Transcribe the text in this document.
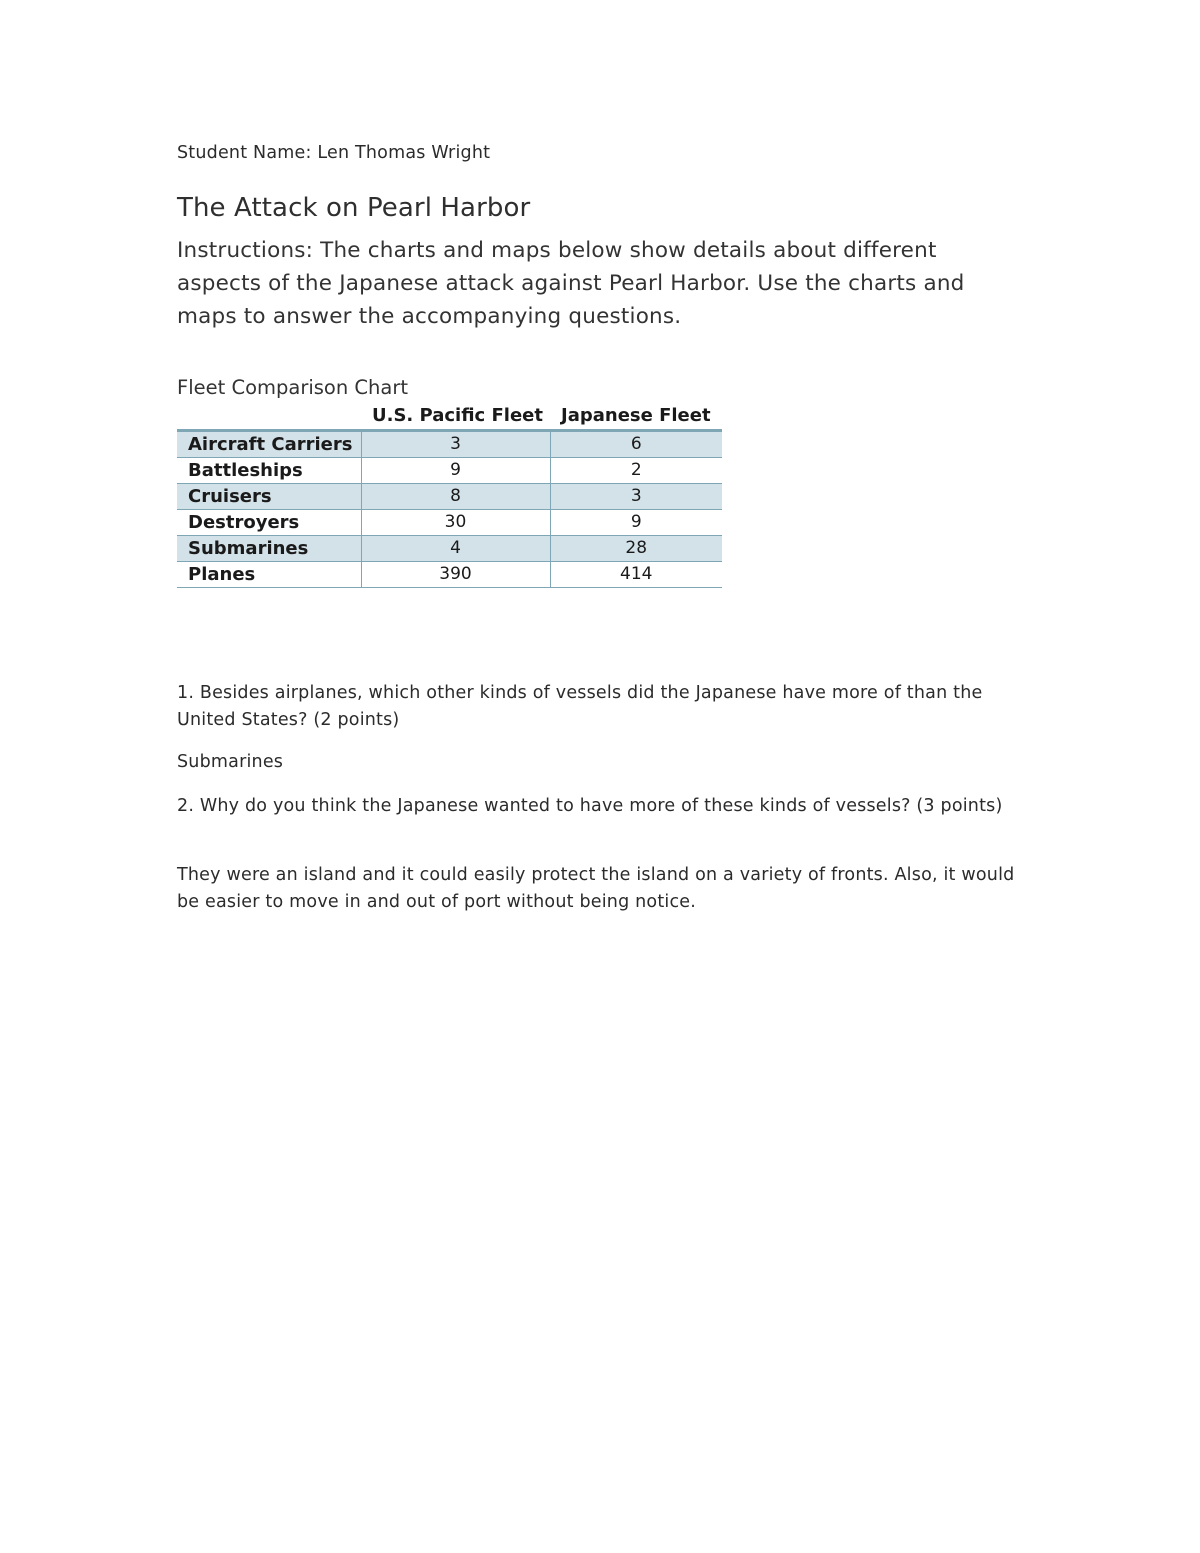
Student Name: Len Thomas Wright
The Attack on Pearl Harbor
Instructions: The charts and maps below show details about different aspects of the Japanese attack against Pearl Harbor. Use the charts and maps to answer the accompanying questions.
Fleet Comparison Chart
	U.S. Pacific Fleet	Japanese Fleet
Aircraft Carriers	3	6
Battleships	9	2
Cruisers	8	3
Destroyers	30	9
Submarines	4	28
Planes	390	414
1. Besides airplanes, which other kinds of vessels did the Japanese have more of than the United States? (2 points)
Submarines
2. Why do you think the Japanese wanted to have more of these kinds of vessels? (3 points)
They were an island and it could easily protect the island on a variety of fronts. Also, it would be easier to move in and out of port without being notice.
